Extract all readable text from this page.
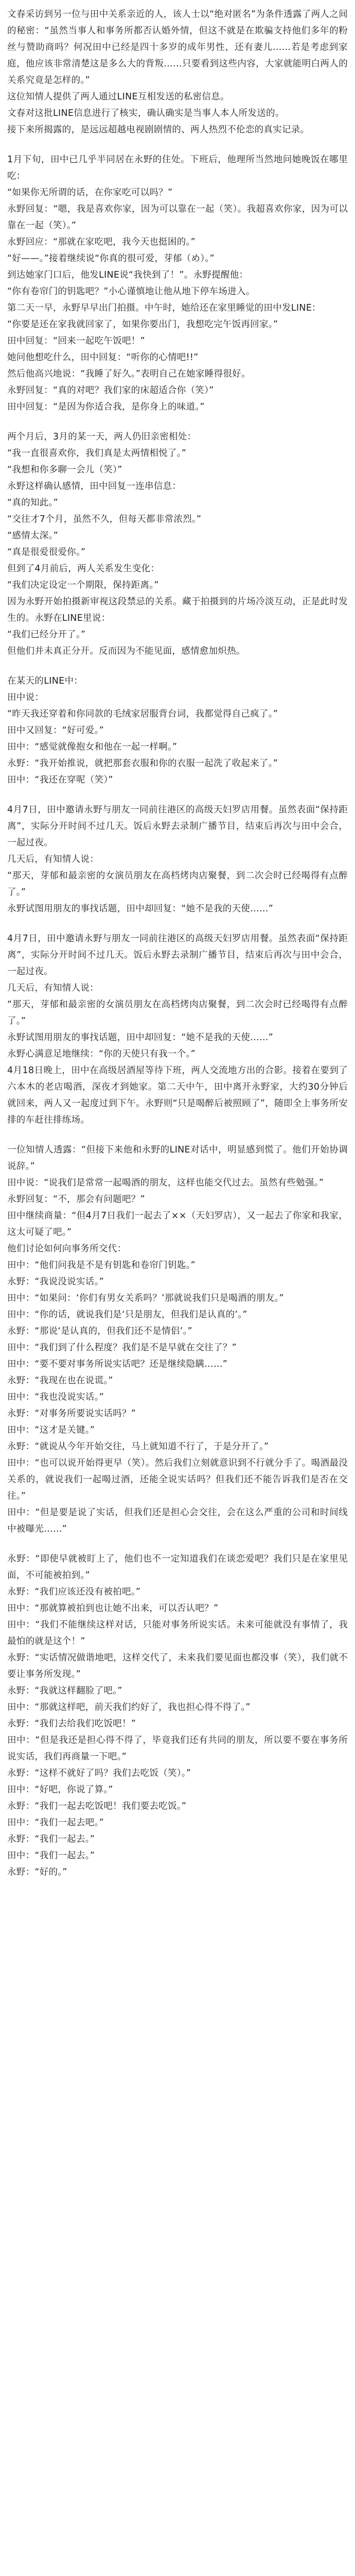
文春采访到另一位与田中关系亲近的人，该人士以“绝对匿名”为条件透露了两人之间的秘密：“虽然当事人和事务所都否认婚外情，但这不就是在欺骗支持他们多年的粉丝与赞助商吗？何况田中已经是四十多岁的成年男性，还有妻儿……若是考虑到家庭，他应该非常清楚这是多么大的背叛……只要看到这些内容，大家就能明白两人的关系究竟是怎样的。”
这位知情人提供了两人通过LINE互相发送的私密信息。
文春对这批LINE信息进行了核实，确认确实是当事人本人所发送的。
接下来所揭露的，是远远超越电视剧剧情的、两人热烈不伦恋的真实记录。

1月下旬，田中已几乎半同居在永野的住处。下班后，他理所当然地问她晚饭在哪里吃：
“如果你无所谓的话，在你家吃可以吗？”
永野回复：“嗯，我是喜欢你家，因为可以靠在一起（笑）。我超喜欢你家，因为可以靠在一起（笑）。”
永野回应：“那就在家吃吧，我今天也挺困的。”
“好——。”接着继续说“你真的很可爱，芽郁（め）。”
到达她家门口后，他发LINE说“我快到了！”。永野提醒他：
“你有卷帘门的钥匙吧？”小心谨慎地让他从地下停车场进入。
第二天一早，永野早早出门拍摄。中午时，她给还在家里睡觉的田中发LINE：
“你要是还在家我就回家了，如果你要出门，我想吃完午饭再回家。”
田中回复：“回来一起吃午饭吧！”
她问他想吃什么，田中回复：“听你的心情吧!!”
然后他高兴地说：“我睡了好久。”表明自己在她家睡得很好。
永野回复：“真的对吧？我们家的床超适合你（笑）”
田中回复：“是因为你适合我，是你身上的味道。”

两个月后，3月的某一天，两人仍旧亲密相处：
“我一直很喜欢你，我们真是太两情相悦了。”
“我想和你多聊一会儿（笑）”
永野这样确认感情，田中回复一连串信息：
“真的知此。”
“交往才7个月，虽然不久，但每天都非常浓烈。”
“感情太深。”
“真是很爱很爱你。”
但到了4月前后，两人关系发生变化：
“我们决定设定一个期限，保持距离。”
因为永野开始拍摄新审视这段禁忌的关系。藏于拍摄到的片场冷淡互动，正是此时发生的。永野在LINE里说：
“我们已经分开了。”
但他们并未真正分开。反而因为不能见面，感情愈加炽热。

在某天的LINE中：
田中说：
“昨天我还穿着和你同款的毛绒家居服背台词，我都觉得自己疯了。”
田中又回复：“好可爱。”
田中：“感觉就像抱女和他在一起一样啊。”
永野：“我开始推说，就把那套衣服和你的衣服一起洗了收起来了。”
田中：“我还在穿呢（笑）”

4月7日，田中邀请永野与朋友一同前往港区的高级天妇罗店用餐。虽然表面“保持距离”，实际分开时间不过几天。饭后永野去录制广播节目，结束后再次与田中会合，一起过夜。
几天后，有知情人说：
“那天，芽郁和最亲密的女演员朋友在高档烤肉店聚餐，到二次会时已经喝得有点醉了。”
永野试图用朋友的事找话题，田中却回复：“她不是我的天使……”

4月7日，田中邀请永野与朋友一同前往港区的高级天妇罗店用餐。虽然表面“保持距离”，实际分开时间不过几天。饭后永野去录制广播节目，结束后再次与田中会合，一起过夜。
几天后，有知情人说：
“那天，芽郁和最亲密的女演员朋友在高档烤肉店聚餐，到二次会时已经喝得有点醉了。”
永野试图用朋友的事找话题，田中却回复：“她不是我的天使……”
永野心满意足地继续：“你的天使只有我一个。”
4月18日晚上，田中在高级居酒屋等待下班，两人交流地方出的合影。接着在要到了六本木的老店喝酒，深夜才到她家。第二天中午，田中离开永野家，大约30分钟后就回来，两人又一起度过到下午。永野则“只是喝醉后被照顾了”，随即全上事务所安排的车赶往排练场。

一位知情人透露：“但接下来他和永野的LINE对话中，明显感到慌了。他们开始协调说辞。”
田中说：“说我们是常常一起喝酒的朋友，这样也能交代过去。虽然有些勉强。”
永野回复：“不，那会有问题吧？”
田中继续商量：“但4月7日我们一起去了××（天妇罗店），又一起去了你家和我家，这太可疑了吧。”
他们讨论如何向事务所交代：
田中：“他们问我是不是有钥匙和卷帘门钥匙。”
永野：“我说没说实话。”
田中：“如果问：‘你们有男女关系吗？’那就说我们只是喝酒的朋友。”
田中：“你的话，就说我们是‘只是朋友，但我们是认真的’。”
永野：“那说‘是认真的，但我们还不是情侣’。”
田中：“我们到了什么程度？我们是不是早就在交往了？”
田中：“要不要对事务所说实话吧？还是继续隐瞒……”
永野：“我现在也在说谎。”
田中：“我也没说实话。”
永野：“对事务所要说实话吗？”
田中：“这才是关键。”
永野：“就说从今年开始交往，马上就知道不行了，于是分开了。”
田中：“也可以说开始得更早（笑）。然后我们立刻就意识到不行就分手了。喝酒最没关系的，就说我们一起喝过酒，还能全说实话吗？但我们还不能告诉我们是否在交往。”
田中：“但是要是说了实话，但我们还是担心会交往，会在这么严重的公司和时间线中被曝光……”

永野：“即使早就被盯上了，他们也不一定知道我们在谈恋爱吧？我们只是在家里见面，不可能被拍到。”
永野：“我们应该还没有被拍吧。”
田中：“那就算被拍到也让她不出来，可以否认吧？”
田中：“我们不能继续这样对话，只能对事务所说实话。未来可能就没有事情了，我最怕的就是这个！”
永野：“实话情况做谐地吧，这样交代了，未来我们要见面也都没事（笑），我们就不要让事务所发现。”
永野：“我就这样翻脸了吧。”
田中：“那就这样吧，前天我们约好了，我也担心得不得了。”
永野：“我们去给我们吃饭吧！”
田中：“但是我还是担心得不得了，毕竟我们还有共同的朋友，所以要不要在事务所说实话，我们再商量一下吧。”
永野：“这样不就好了吗？我们去吃饭（笑）。”
田中：“好吧，你说了算。”
永野：“我们一起去吃饭吧！我们要去吃饭。”
田中：“我们一起去吧。”
永野：“我们一起去。”
田中：“我们一起去。”
永野：“好的。”
